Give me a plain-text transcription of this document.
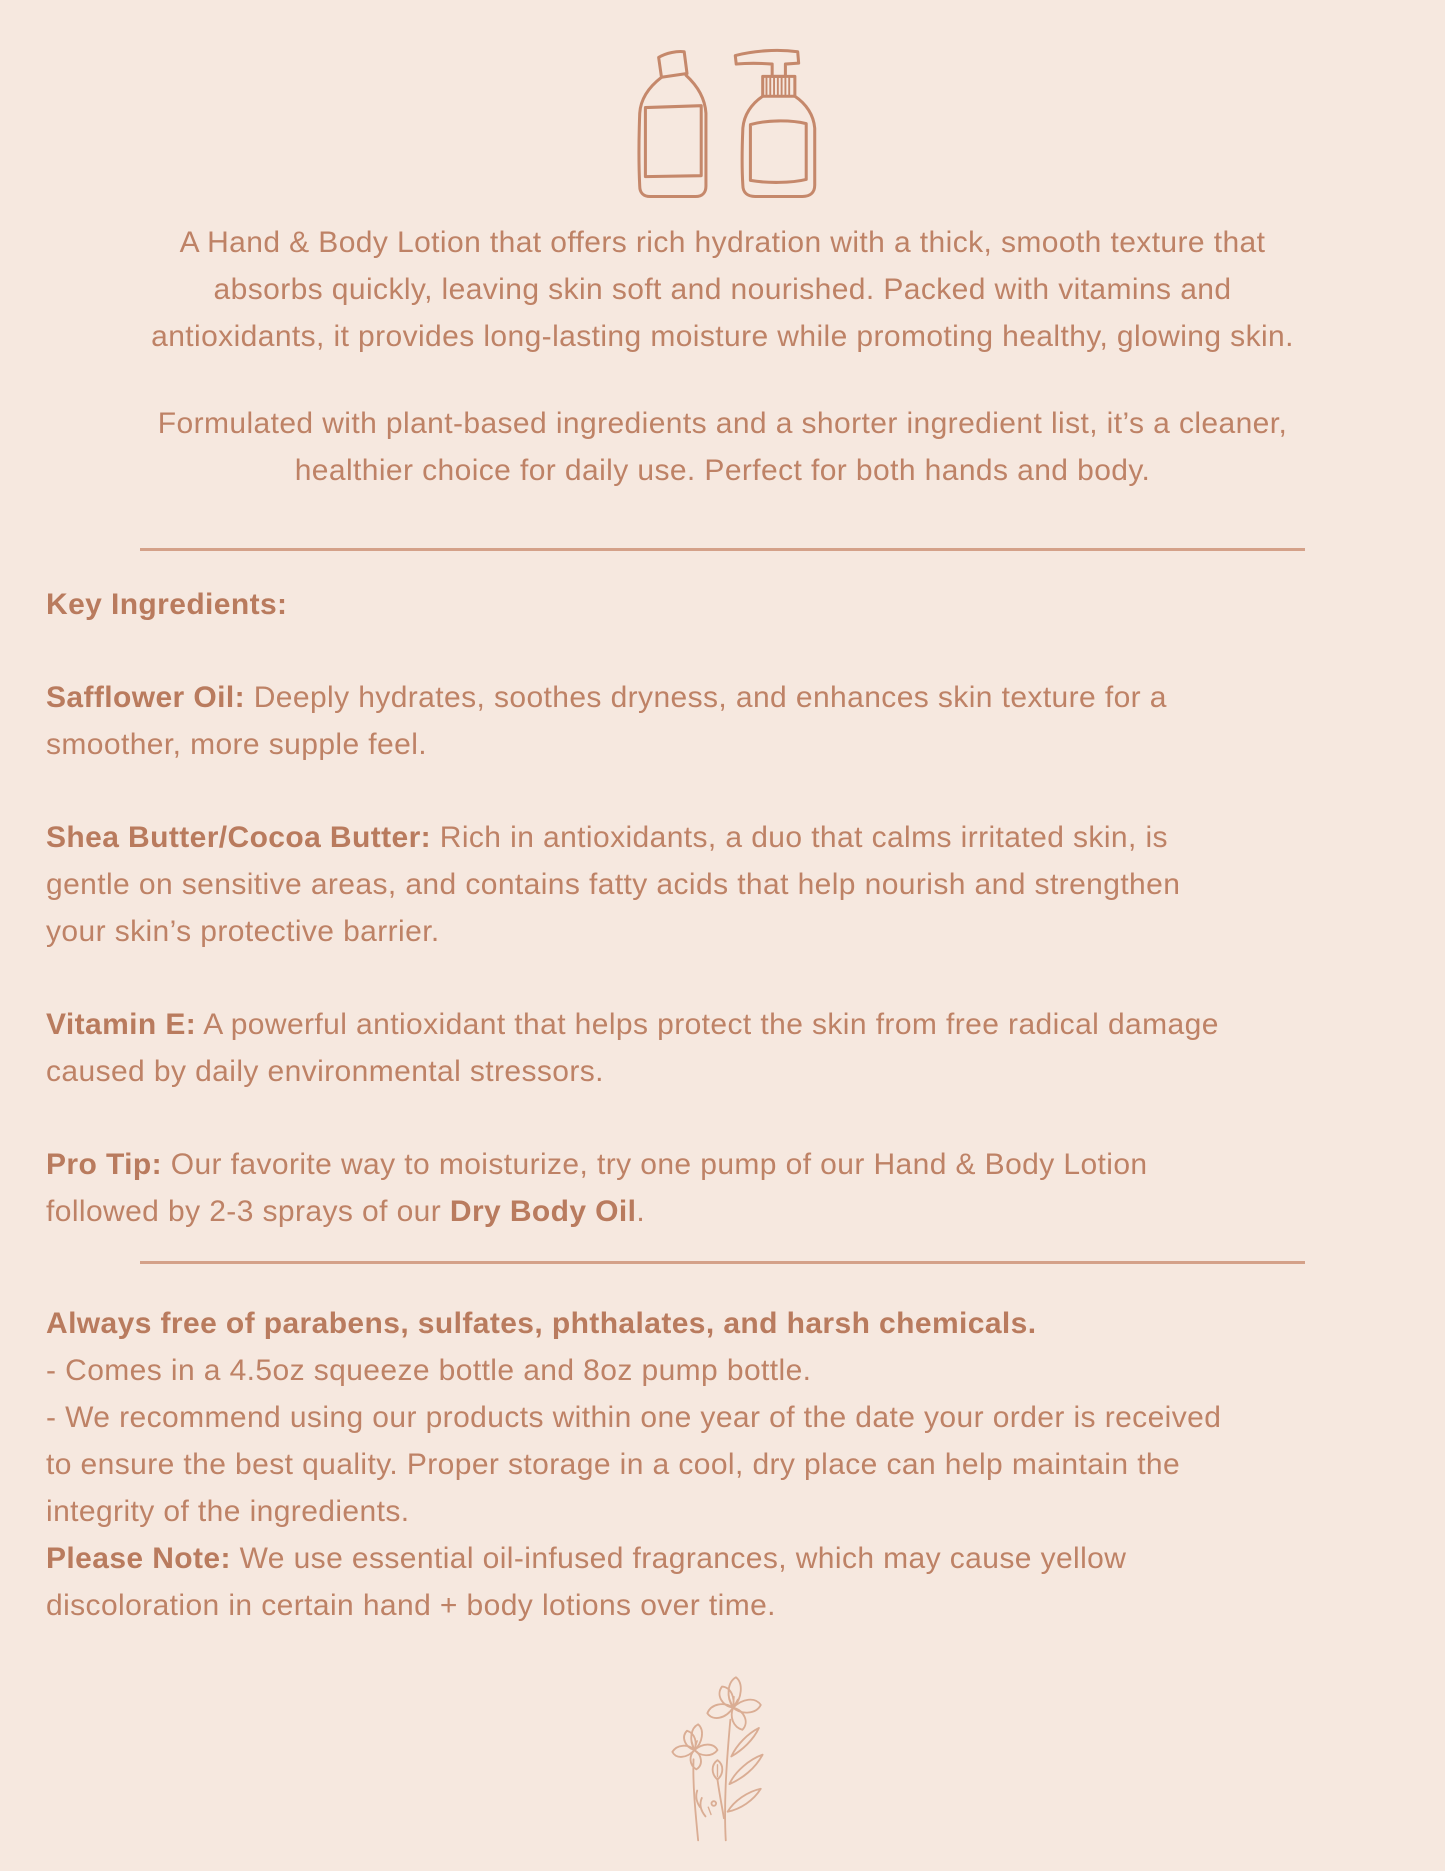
A Hand & Body Lotion that offers rich hydration with a thick, smooth texture that
absorbs quickly, leaving skin soft and nourished. Packed with vitamins and
antioxidants, it provides long-lasting moisture while promoting healthy, glowing skin.

Formulated with plant-based ingredients and a shorter ingredient list, it’s a cleaner,
healthier choice for daily use. Perfect for both hands and body.

Key Ingredients:

Safflower Oil: Deeply hydrates, soothes dryness, and enhances skin texture for a
smoother, more supple feel.

Shea Butter/Cocoa Butter: Rich in antioxidants, a duo that calms irritated skin, is
gentle on sensitive areas, and contains fatty acids that help nourish and strengthen
your skin’s protective barrier.

Vitamin E: A powerful antioxidant that helps protect the skin from free radical damage
caused by daily environmental stressors.

Pro Tip: Our favorite way to moisturize, try one pump of our Hand & Body Lotion
followed by 2-3 sprays of our Dry Body Oil.

Always free of parabens, sulfates, phthalates, and harsh chemicals.
- Comes in a 4.5oz squeeze bottle and 8oz pump bottle.
- We recommend using our products within one year of the date your order is received
to ensure the best quality. Proper storage in a cool, dry place can help maintain the
integrity of the ingredients.
Please Note: We use essential oil-infused fragrances, which may cause yellow
discoloration in certain hand + body lotions over time.
